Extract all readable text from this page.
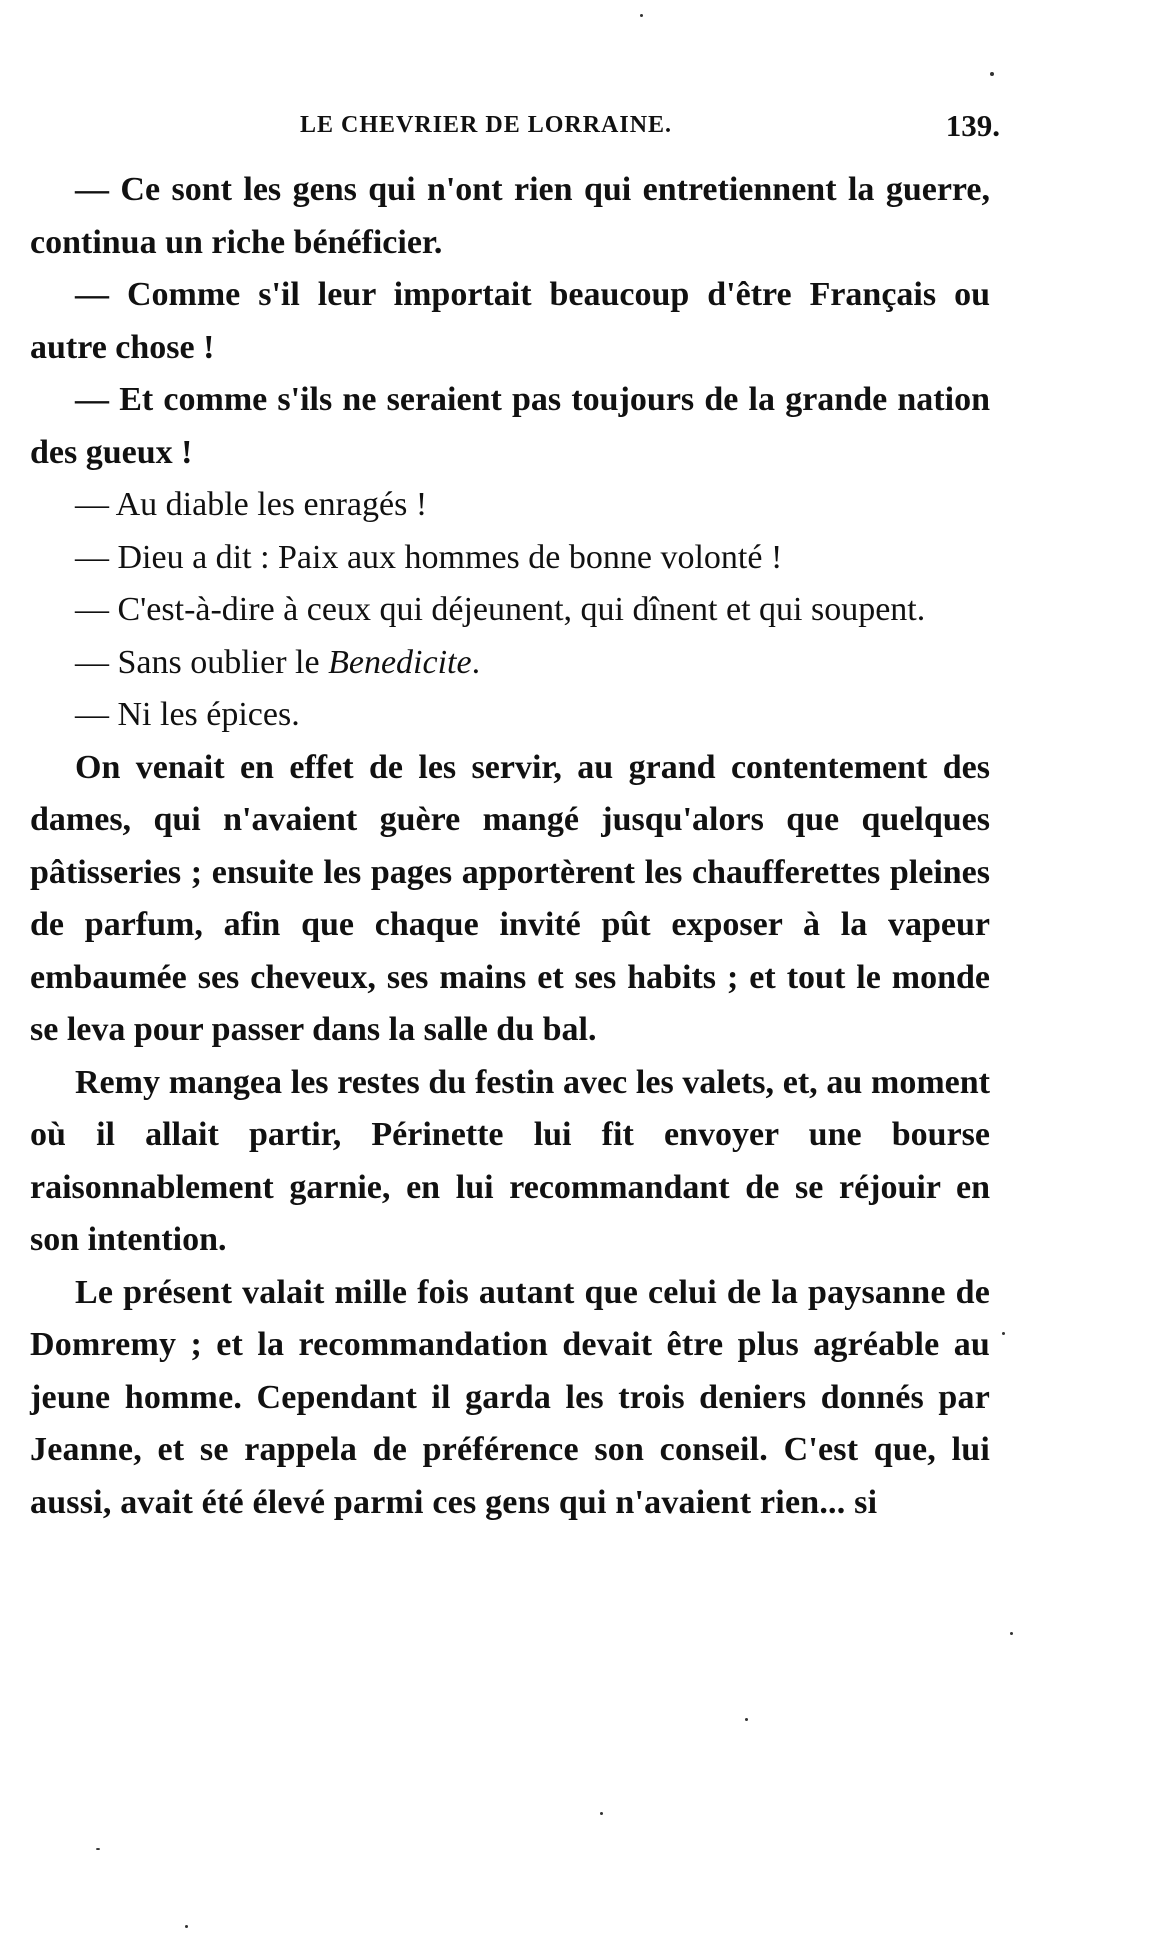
LE CHEVRIER DE LORRAINE.	139.

— Ce sont les gens qui n'ont rien qui entretiennent la guerre, continua un riche bénéficier.

— Comme s'il leur importait beaucoup d'être Français ou autre chose !

— Et comme s'ils ne seraient pas toujours de la grande nation des gueux !

— Au diable les enragés !

— Dieu a dit : Paix aux hommes de bonne volonté !

— C'est-à-dire à ceux qui déjeunent, qui dînent et qui soupent.

— Sans oublier le Benedicite.

— Ni les épices.

On venait en effet de les servir, au grand contentement des dames, qui n'avaient guère mangé jusqu'alors que quelques pâtisseries ; ensuite les pages apportèrent les chaufferettes pleines de parfum, afin que chaque invité pût exposer à la vapeur embaumée ses cheveux, ses mains et ses habits ; et tout le monde se leva pour passer dans la salle du bal.

Remy mangea les restes du festin avec les valets, et, au moment où il allait partir, Périnette lui fit envoyer une bourse raisonnablement garnie, en lui recommandant de se réjouir en son intention.

Le présent valait mille fois autant que celui de la paysanne de Domremy ; et la recommandation devait être plus agréable au jeune homme. Cependant il garda les trois deniers donnés par Jeanne, et se rappela de préférence son conseil. C'est que, lui aussi, avait été élevé parmi ces gens qui n'avaient rien... si
